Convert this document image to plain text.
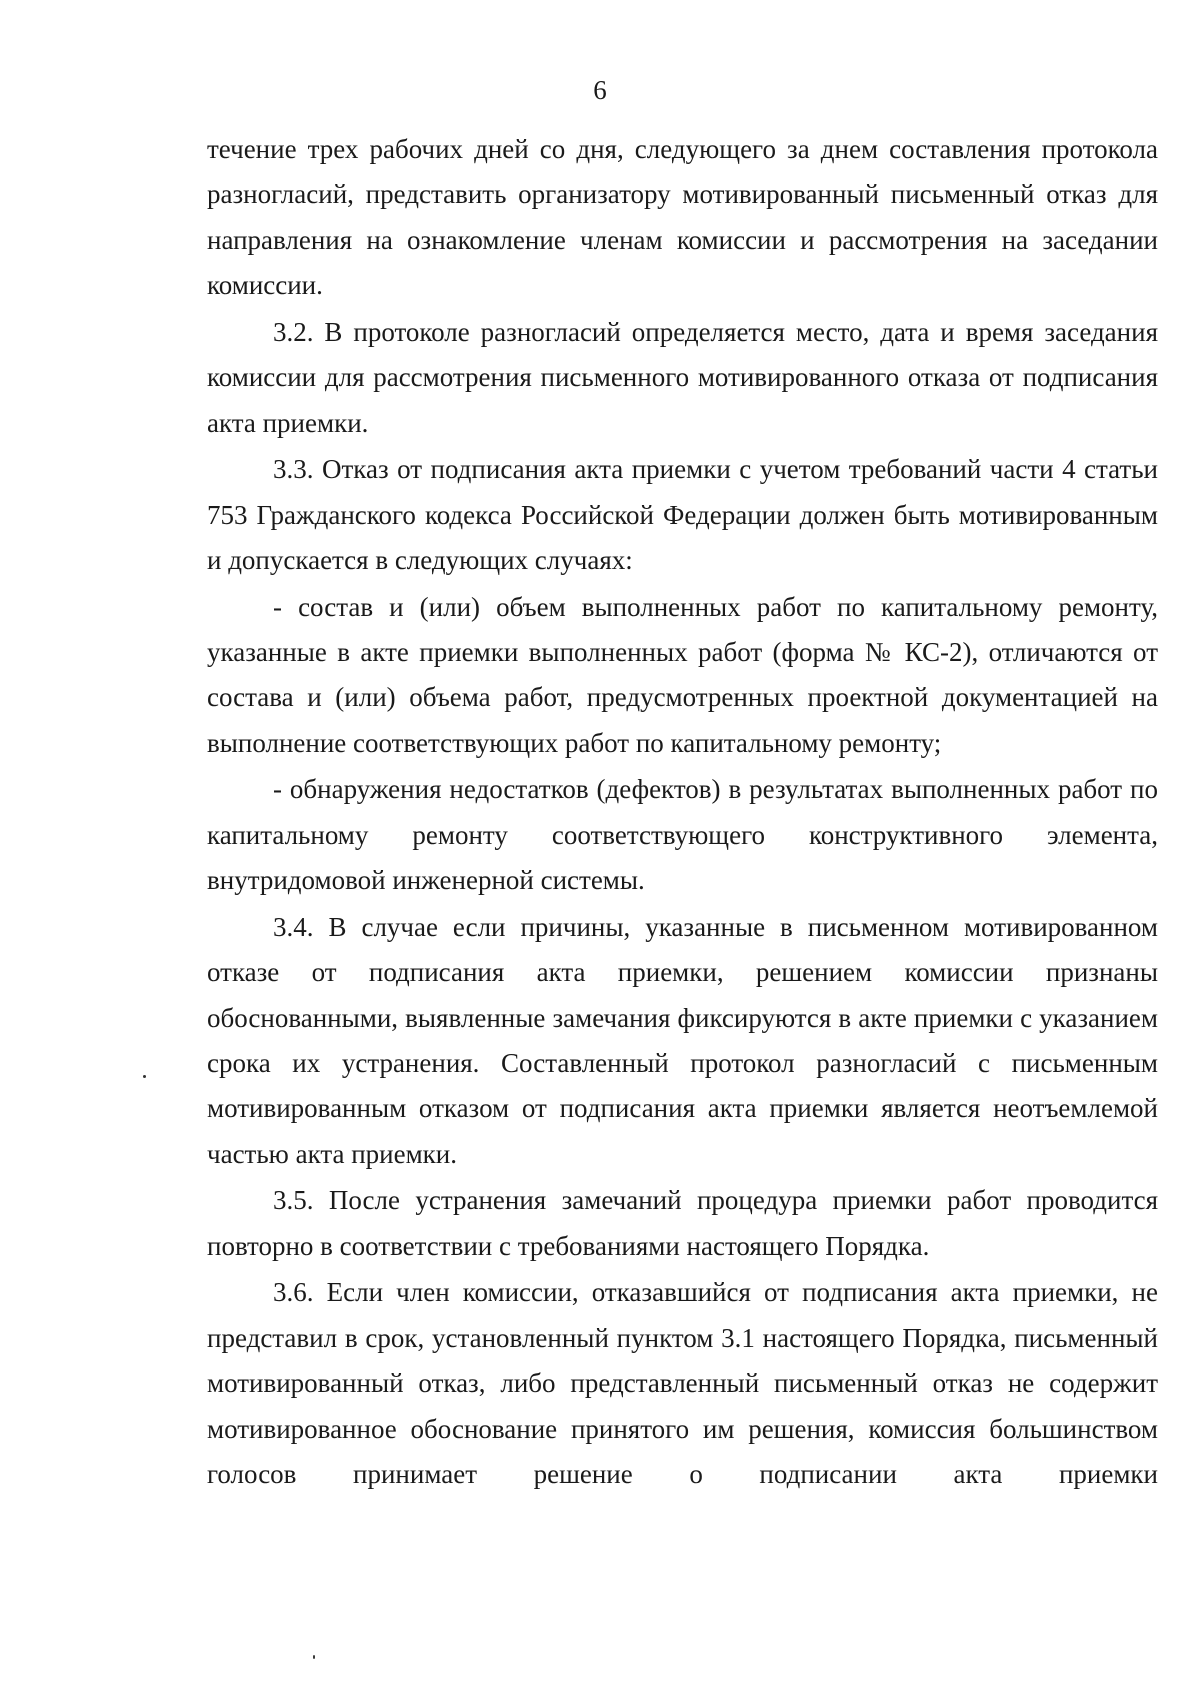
6

течение трех рабочих дней со дня, следующего за днем составления протокола разногласий, представить организатору мотивированный письменный отказ для направления на ознакомление членам комиссии и рассмотрения на заседании комиссии.

3.2. В протоколе разногласий определяется место, дата и время заседания комиссии для рассмотрения письменного мотивированного отказа от подписания акта приемки.

3.3. Отказ от подписания акта приемки с учетом требований части 4 статьи 753 Гражданского кодекса Российской Федерации должен быть мотивированным и допускается в следующих случаях:

- состав и (или) объем выполненных работ по капитальному ремонту, указанные в акте приемки выполненных работ (форма № КС-2), отличаются от состава и (или) объема работ, предусмотренных проектной документацией на выполнение соответствующих работ по капитальному ремонту;

- обнаружения недостатков (дефектов) в результатах выполненных работ по капитальному ремонту соответствующего конструктивного элемента, внутридомовой инженерной системы.

3.4. В случае если причины, указанные в письменном мотивированном отказе от подписания акта приемки, решением комиссии признаны обоснованными, выявленные замечания фиксируются в акте приемки с указанием срока их устранения. Составленный протокол разногласий с письменным мотивированным отказом от подписания акта приемки является неотъемлемой частью акта приемки.

3.5. После устранения замечаний процедура приемки работ проводится повторно в соответствии с требованиями настоящего Порядка.

3.6. Если член комиссии, отказавшийся от подписания акта приемки, не представил в срок, установленный пунктом 3.1 настоящего Порядка, письменный мотивированный отказ, либо представленный письменный отказ не содержит мотивированное обоснование принятого им решения, комиссия большинством голосов принимает решение о подписании акта приемки
